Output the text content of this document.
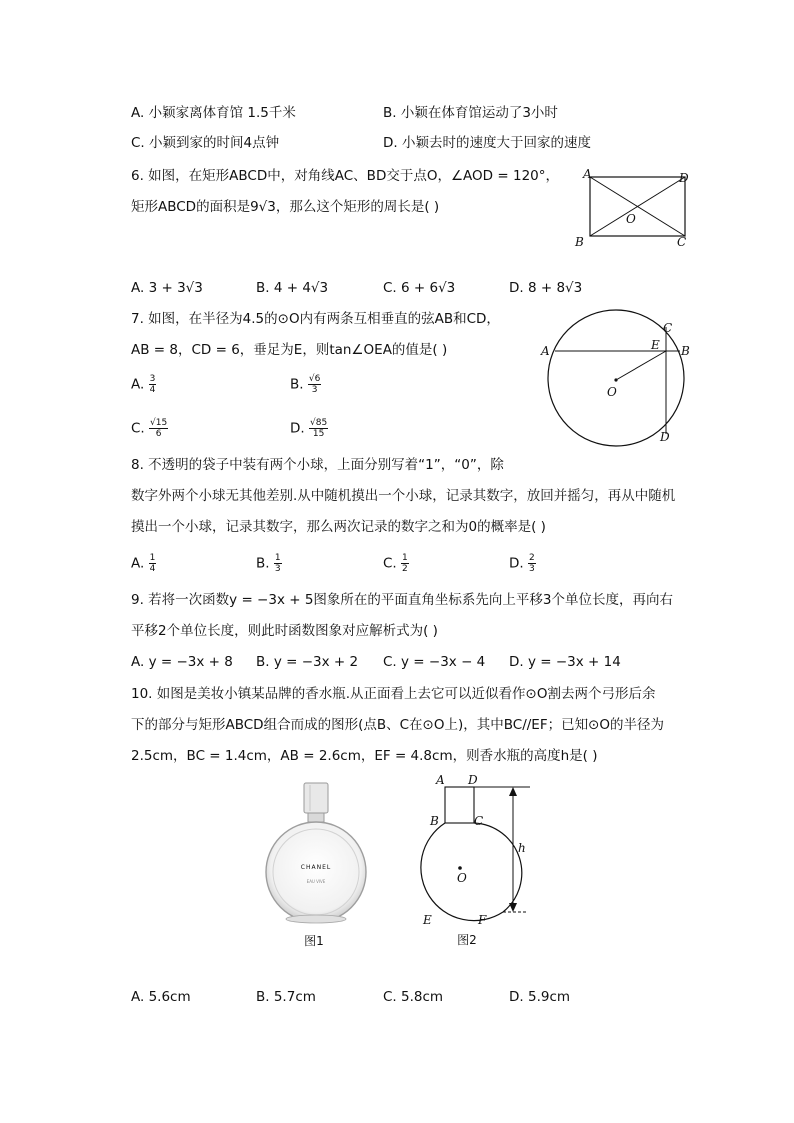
A. 小颖家离体育馆 1.5千米	B. 小颖在体育馆运动了3小时
C. 小颖到家的时间4点钟	D. 小颖去时的速度大于回家的速度
6. 如图，在矩形ABCD中，对角线AC、BD交于点O，∠AOD = 120°，
矩形ABCD的面积是9√3，那么这个矩形的周长是( )
A	D
O
B	C
A. 3 + 3√3	B. 4 + 4√3	C. 6 + 6√3	D. 8 + 8√3
7. 如图，在半径为4.5的⊙O内有两条互相垂直的弦AB和CD，
AB = 8，CD = 6，垂足为E，则tan∠OEA的值是( )	A	B
C
E
D
O
A. $\frac{3}{4}$	B. $\frac{√6}{3}$
C. $\frac{√15}{6}$	D. $\frac{√85}{15}$
8. 不透明的袋子中装有两个小球，上面分别写着“1”，“0”，除
数字外两个小球无其他差别.从中随机摸出一个小球，记录其数字，放回并摇匀，再从中随机
摸出一个小球，记录其数字，那么两次记录的数字之和为0的概率是( )
A. $\frac{1}{4}$	B. $\frac{1}{3}$	C. $\frac{1}{2}$	D. $\frac{2}{3}$
9. 若将一次函数y = −3x + 5图象所在的平面直角坐标系先向上平移3个单位长度，再向右
平移2个单位长度，则此时函数图象对应解析式为( )
A. y = −3x + 8 B. y = −3x + 2 C. y = −3x − 4 D. y = −3x + 14
10. 如图是美妆小镇某品牌的香水瓶.从正面看上去它可以近似看作⊙O割去两个弓形后余
下的部分与矩形ABCD组合而成的图形(点B、C在⊙O上)，其中BC//EF；已知⊙O的半径为
2.5cm，BC = 1.4cm，AB = 2.6cm，EF = 4.8cm，则香水瓶的高度h是( )
CHANEL
EAU VIVE
图1
A D
B	C
O
h
E	F
图2
A. 5.6cm	B. 5.7cm	C. 5.8cm	D. 5.9cm
